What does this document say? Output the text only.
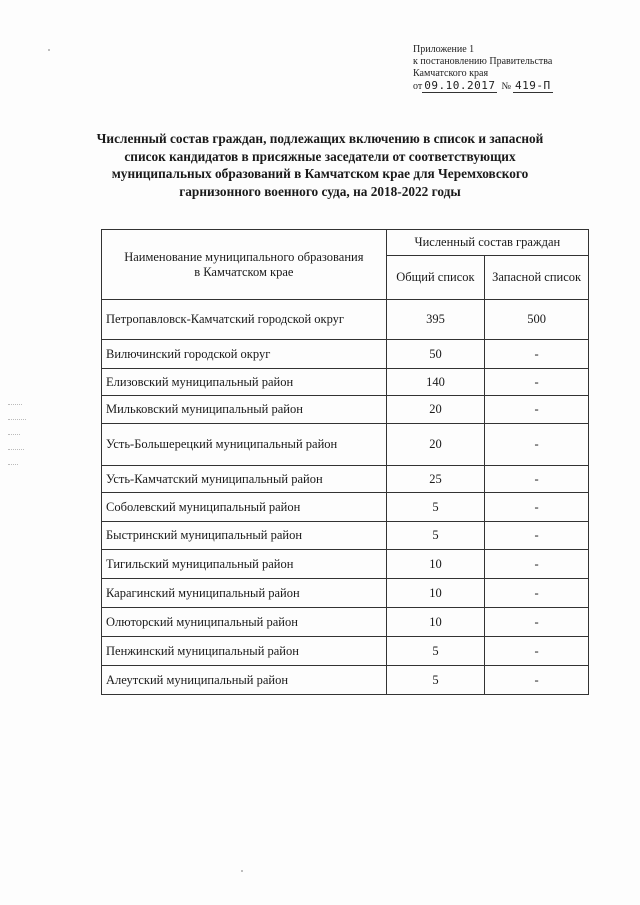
Приложение 1
к постановлению Правительства
Камчатского края
от 09.10.2017 № 419-П
Численный состав граждан, подлежащих включению в список и запасной список кандидатов в присяжные заседатели от соответствующих муниципальных образований в Камчатском крае для Черемховского гарнизонного военного суда, на 2018-2022 годы
Наименование муниципального образования в Камчатском крае	Численный состав граждан	
	Общий список	Запасной список
Петропавловск-Камчатский городской округ	395	500
Вилючинский городской округ	50	-
Елизовский муниципальный район	140	-
Мильковский муниципальный район	20	-
Усть-Большерецкий муниципальный район	20	-
Усть-Камчатский муниципальный район	25	-
Соболевский муниципальный район	5	-
Быстринский муниципальный район	5	-
Тигильский муниципальный район	10	-
Карагинский муниципальный район	10	-
Олюторский муниципальный район	10	-
Пенжинский муниципальный район	5	-
Алеутский муниципальный район	5	-
